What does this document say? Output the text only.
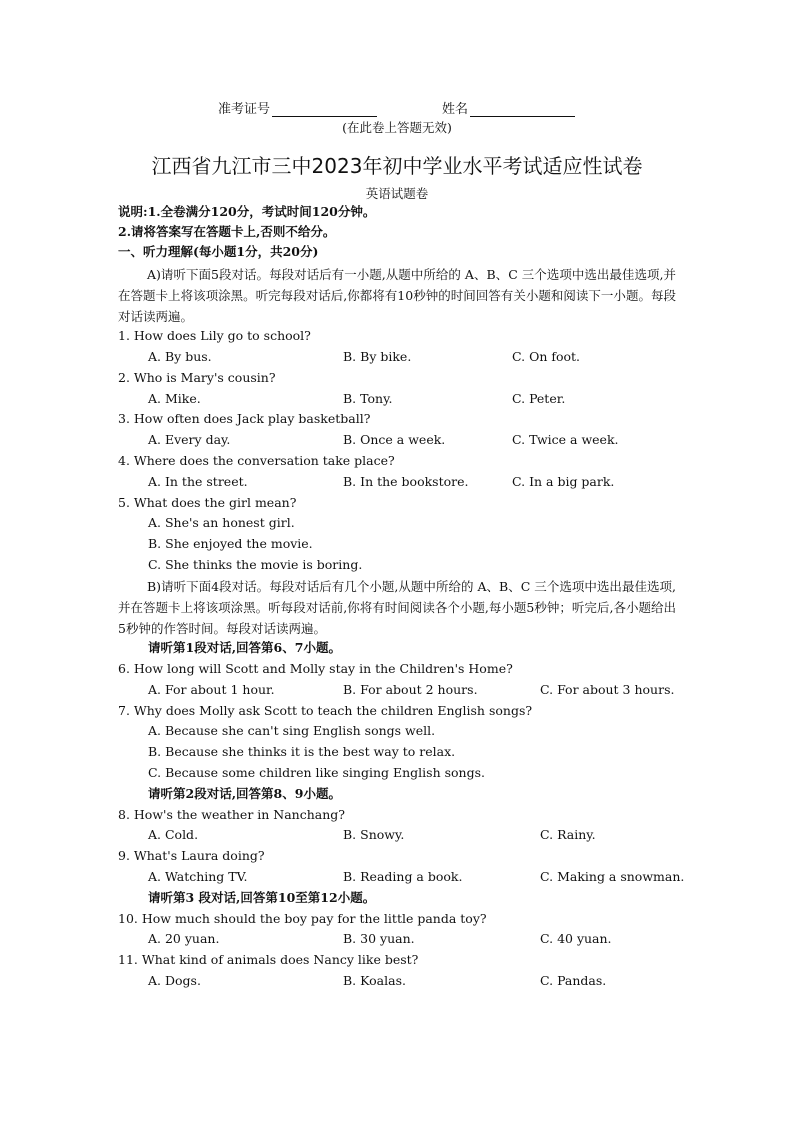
准考证号	姓名
(在此卷上答题无效)
江西省九江市三中2023年初中学业水平考试适应性试卷
英语试题卷
说明:1.全卷满分120分，考试时间120分钟。
2.请将答案写在答题卡上,否则不给分。
一、听力理解(每小题1分，共20分)
A)请听下面5段对话。每段对话后有一小题,从题中所给的 A、B、C 三个选项中选出最佳选项,并在答题卡上将该项涂黑。听完每段对话后,你都将有10秒钟的时间回答有关小题和阅读下一小题。每段对话读两遍。
1. How does Lily go to school?
A. By bus.	B. By bike.	C. On foot.
2. Who is Mary's cousin?
A. Mike.	B. Tony.	C. Peter.
3. How often does Jack play basketball?
A. Every day.	B. Once a week.	C. Twice a week.
4. Where does the conversation take place?
A. In the street.	B. In the bookstore.	C. In a big park.
5. What does the girl mean?
A. She's an honest girl.
B. She enjoyed the movie.
C. She thinks the movie is boring.
B)请听下面4段对话。每段对话后有几个小题,从题中所给的 A、B、C 三个选项中选出最佳选项,并在答题卡上将该项涂黑。听每段对话前,你将有时间阅读各个小题,每小题5秒钟；听完后,各小题给出5秒钟的作答时间。每段对话读两遍。
请听第1段对话,回答第6、7小题。
6. How long will Scott and Molly stay in the Children's Home?
A. For about 1 hour.	B. For about 2 hours.	C. For about 3 hours.
7. Why does Molly ask Scott to teach the children English songs?
A. Because she can't sing English songs well.
B. Because she thinks it is the best way to relax.
C. Because some children like singing English songs.
请听第2段对话,回答第8、9小题。
8. How's the weather in Nanchang?
A. Cold.	B. Snowy.	C. Rainy.
9. What's Laura doing?
A. Watching TV.	B. Reading a book.	C. Making a snowman.
请听第3 段对话,回答第10至第12小题。
10. How much should the boy pay for the little panda toy?
A. 20 yuan.	B. 30 yuan.	C. 40 yuan.
11. What kind of animals does Nancy like best?
A. Dogs.	B. Koalas.	C. Pandas.
